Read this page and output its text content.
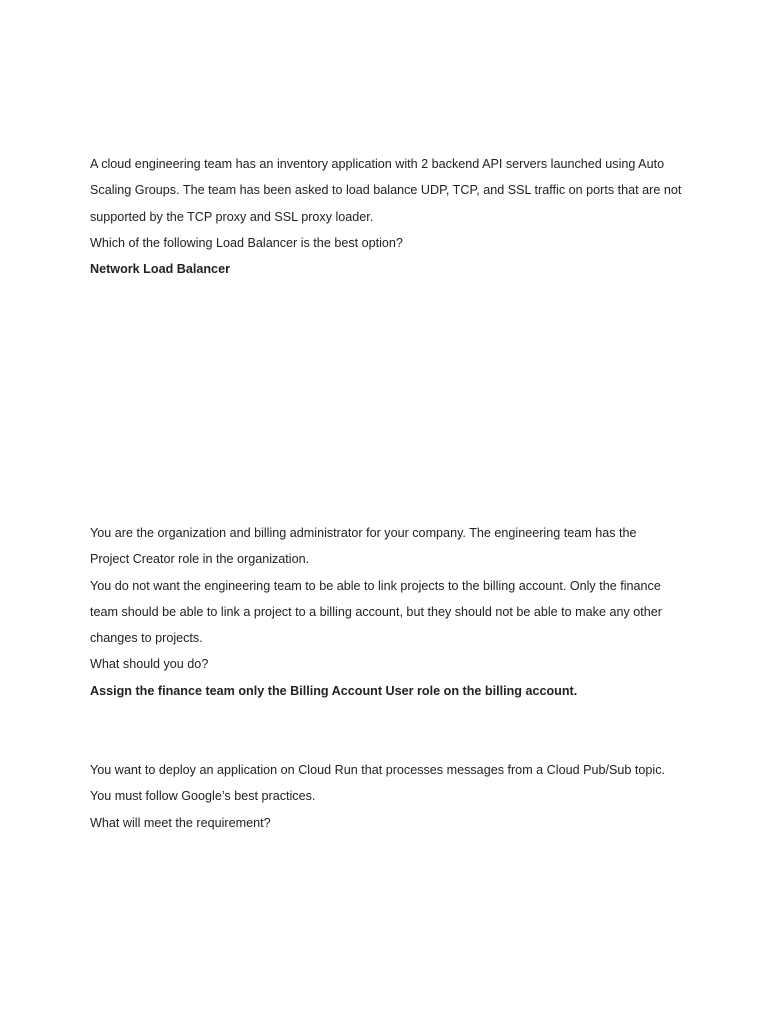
A cloud engineering team has an inventory application with 2 backend API servers launched using Auto

Scaling Groups. The team has been asked to load balance UDP, TCP, and SSL traffic on ports that are not

supported by the TCP proxy and SSL proxy loader.

Which of the following Load Balancer is the best option?

Network Load Balancer

You are the organization and billing administrator for your company. The engineering team has the

Project Creator role in the organization.

You do not want the engineering team to be able to link projects to the billing account. Only the finance

team should be able to link a project to a billing account, but they should not be able to make any other

changes to projects.

What should you do?

Assign the finance team only the Billing Account User role on the billing account.

You want to deploy an application on Cloud Run that processes messages from a Cloud Pub/Sub topic.

You must follow Google’s best practices.

What will meet the requirement?
